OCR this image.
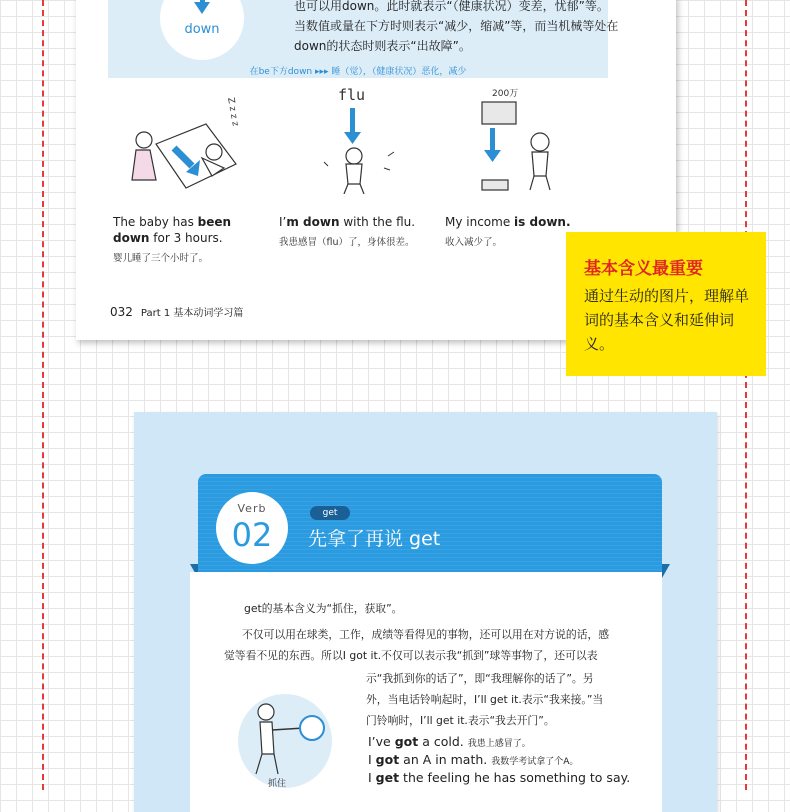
down
也可以用down。此时就表示“（健康状况）变差，忧郁”等。
当数值或量在下方时则表示“减少，缩减”等，而当机械等处在
down的状态时则表示“出故障”。
在be下方down ▸▸▸ 睡（觉），（健康状况）恶化，减少
Z z z z
flu	200万
The baby has been
down for 3 hours.
婴儿睡了三个小时了。
I’m down with the flu.
我患感冒（flu）了，身体很差。
My income is down.
收入减少了。
032 Part 1 基本动词学习篇
基本含义最重要
通过生动的图片，理解单词的基本含义和延伸词义。
Verb
02
get
先拿了再说 get
get的基本含义为“抓住，获取”。
不仅可以用在球类，工作，成绩等看得见的事物，还可以用在对方说的话，感
觉等看不见的东西。所以I got it.不仅可以表示我“抓到”球等事物了，还可以表
示“我抓到你的话了”，即“我理解你的话了”。另
外，当电话铃响起时，I’ll get it.表示“我来接。”当
门铃响时，I’ll get it.表示“我去开门”。
抓住
I’ve got a cold. 我患上感冒了。
I got an A in math. 我数学考试拿了个A。
I get the feeling he has something to say.
